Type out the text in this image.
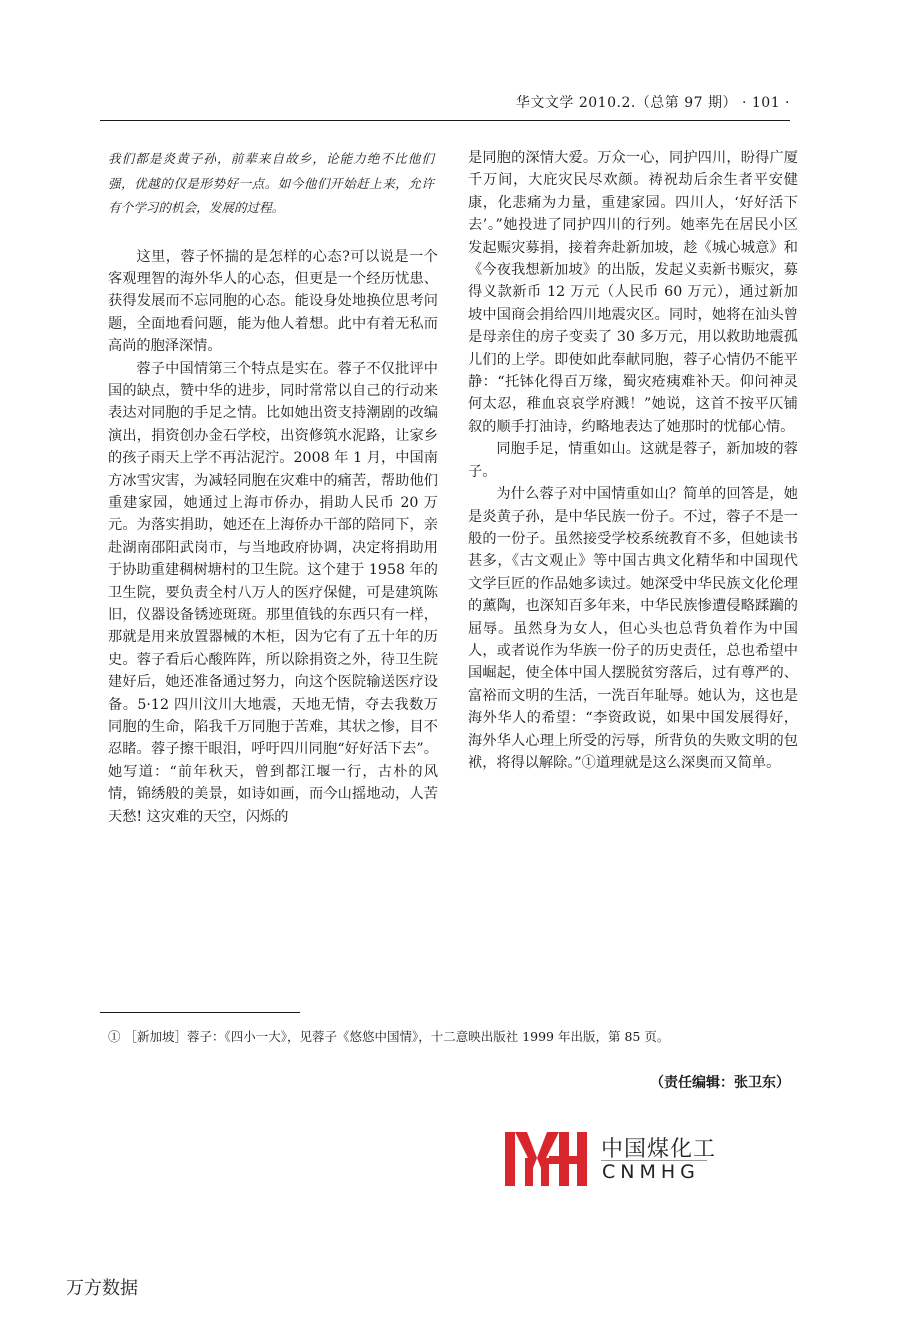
华文文学 2010.2.（总第 97 期） · 101 ·

我们都是炎黄子孙，前辈来自故乡，论能力绝不比他们强，优越的仅是形势好一点。如今他们开始赶上来，允许有个学习的机会，发展的过程。

这里，蓉子怀揣的是怎样的心态?可以说是一个客观理智的海外华人的心态，但更是一个经历忧患、获得发展而不忘同胞的心态。能设身处地换位思考问题，全面地看问题，能为他人着想。此中有着无私而高尚的胞泽深情。

蓉子中国情第三个特点是实在。蓉子不仅批评中国的缺点，赞中华的进步，同时常常以自己的行动来表达对同胞的手足之情。比如她出资支持潮剧的改编演出，捐资创办金石学校，出资修筑水泥路，让家乡的孩子雨天上学不再沾泥泞。2008 年 1 月，中国南方冰雪灾害，为减轻同胞在灾难中的痛苦，帮助他们重建家园，她通过上海市侨办，捐助人民币 20 万元。为落实捐助，她还在上海侨办干部的陪同下，亲赴湖南邵阳武岗市，与当地政府协调，决定将捐助用于协助重建稠树塘村的卫生院。这个建于 1958 年的卫生院，要负责全村八万人的医疗保健，可是建筑陈旧，仪器设备锈迹斑斑。那里值钱的东西只有一样，那就是用来放置器械的木柜，因为它有了五十年的历史。蓉子看后心酸阵阵，所以除捐资之外，待卫生院建好后，她还准备通过努力，向这个医院输送医疗设备。5·12 四川汶川大地震，天地无情，夺去我数万同胞的生命，陷我千万同胞于苦难，其状之惨，目不忍睹。蓉子擦干眼泪，呼吁四川同胞“好好活下去”。她写道：“前年秋天，曾到都江堰一行，古朴的风情，锦绣般的美景，如诗如画，而今山摇地动，人苦天愁! 这灾难的天空，闪烁的

是同胞的深情大爱。万众一心，同护四川，盼得广厦千万间，大庇灾民尽欢颜。祷祝劫后余生者平安健康，化悲痛为力量，重建家园。四川人，‘好好活下去’。”她投进了同护四川的行列。她率先在居民小区发起赈灾募捐，接着奔赴新加坡，趁《城心城意》和《今夜我想新加坡》的出版，发起义卖新书赈灾，募得义款新币 12 万元（人民币 60 万元），通过新加坡中国商会捐给四川地震灾区。同时，她将在汕头曾是母亲住的房子变卖了 30 多万元，用以救助地震孤儿们的上学。即使如此奉献同胞，蓉子心情仍不能平静：“托钵化得百万缘，蜀灾疮痍难补天。仰问神灵何太忍，稚血哀哀学府溅！”她说，这首不按平仄铺叙的顺手打油诗，约略地表达了她那时的忧郁心情。

同胞手足，情重如山。这就是蓉子，新加坡的蓉子。

为什么蓉子对中国情重如山？简单的回答是，她是炎黄子孙，是中华民族一份子。不过，蓉子不是一般的一份子。虽然接受学校系统教育不多，但她读书甚多，《古文观止》等中国古典文化精华和中国现代文学巨匠的作品她多读过。她深受中华民族文化伦理的薰陶，也深知百多年来，中华民族惨遭侵略蹂躏的屈辱。虽然身为女人，但心头也总背负着作为中国人，或者说作为华族一份子的历史责任，总也希望中国崛起，使全体中国人摆脱贫穷落后，过有尊严的、富裕而文明的生活，一洗百年耻辱。她认为，这也是海外华人的希望：“李资政说，如果中国发展得好，海外华人心理上所受的污辱，所背负的失败文明的包袱，将得以解除。”①道理就是这么深奥而又简单。

① ［新加坡］蓉子：《四小一大》，见蓉子《悠悠中国情》，十二意映出版社 1999 年出版，第 85 页。
（责任编辑：张卫东）
中国煤化工
CNMHG
万方数据
